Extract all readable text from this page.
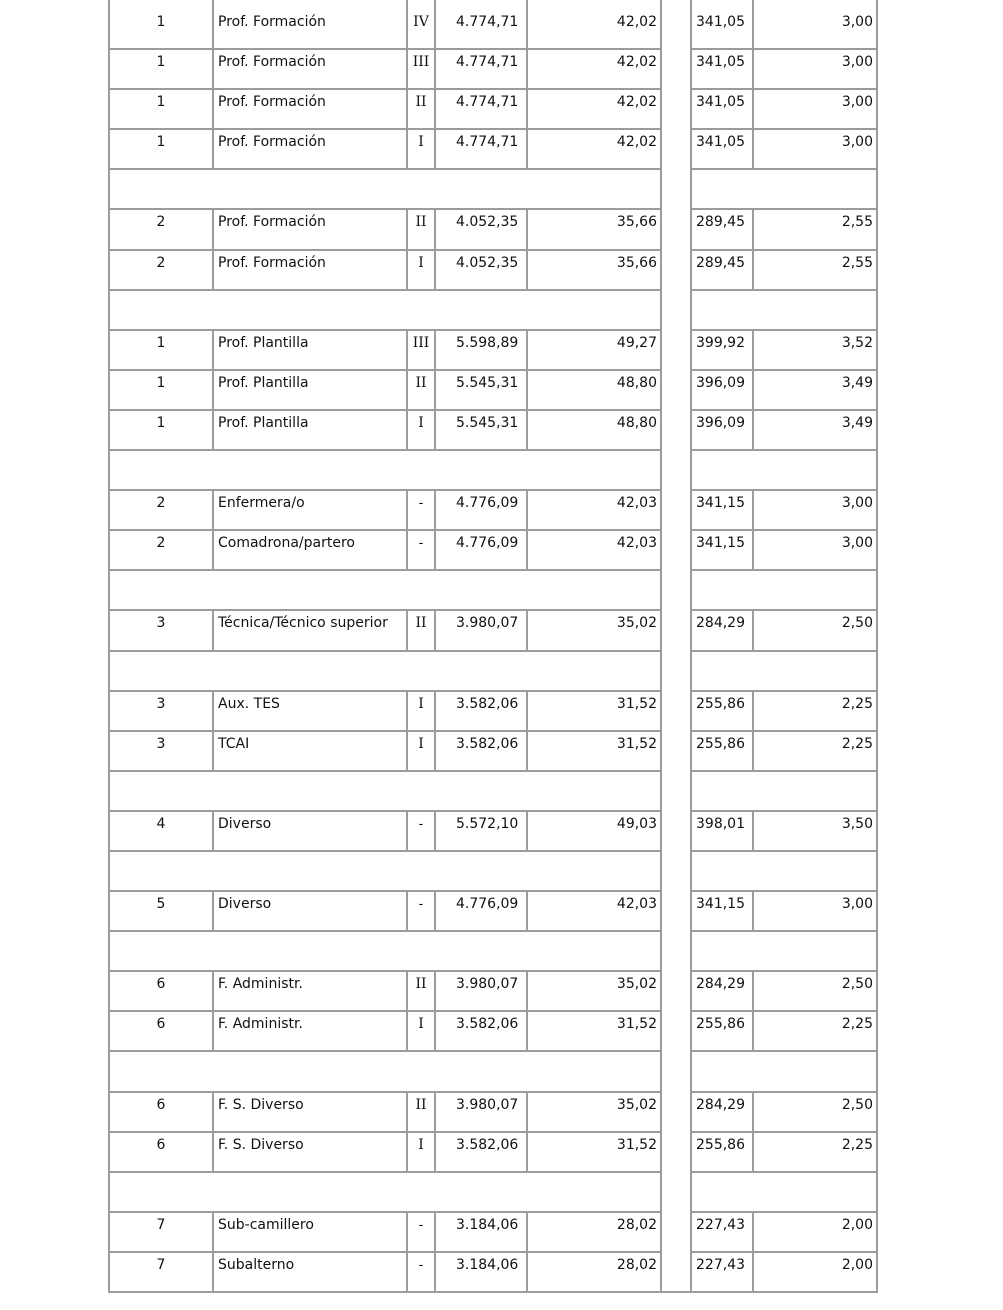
1	Prof. Formación	IV	4.774,71	42,02	341,05	3,00
1	Prof. Formación	III	4.774,71	42,02	341,05	3,00
1	Prof. Formación	II	4.774,71	42,02	341,05	3,00
1	Prof. Formación	I	4.774,71	42,02	341,05	3,00
2	Prof. Formación	II	4.052,35	35,66	289,45	2,55
2	Prof. Formación	I	4.052,35	35,66	289,45	2,55
1	Prof. Plantilla	III	5.598,89	49,27	399,92	3,52
1	Prof. Plantilla	II	5.545,31	48,80	396,09	3,49
1	Prof. Plantilla	I	5.545,31	48,80	396,09	3,49
2	Enfermera/o	-	4.776,09	42,03	341,15	3,00
2	Comadrona/partero	-	4.776,09	42,03	341,15	3,00
3	Técnica/Técnico superior	II	3.980,07	35,02	284,29	2,50
3	Aux. TES	I	3.582,06	31,52	255,86	2,25
3	TCAI	I	3.582,06	31,52	255,86	2,25
4	Diverso	-	5.572,10	49,03	398,01	3,50
5	Diverso	-	4.776,09	42,03	341,15	3,00
6	F. Administr.	II	3.980,07	35,02	284,29	2,50
6	F. Administr.	I	3.582,06	31,52	255,86	2,25
6	F. S. Diverso	II	3.980,07	35,02	284,29	2,50
6	F. S. Diverso	I	3.582,06	31,52	255,86	2,25
7	Sub-camillero	-	3.184,06	28,02	227,43	2,00
7	Subalterno	-	3.184,06	28,02	227,43	2,00
